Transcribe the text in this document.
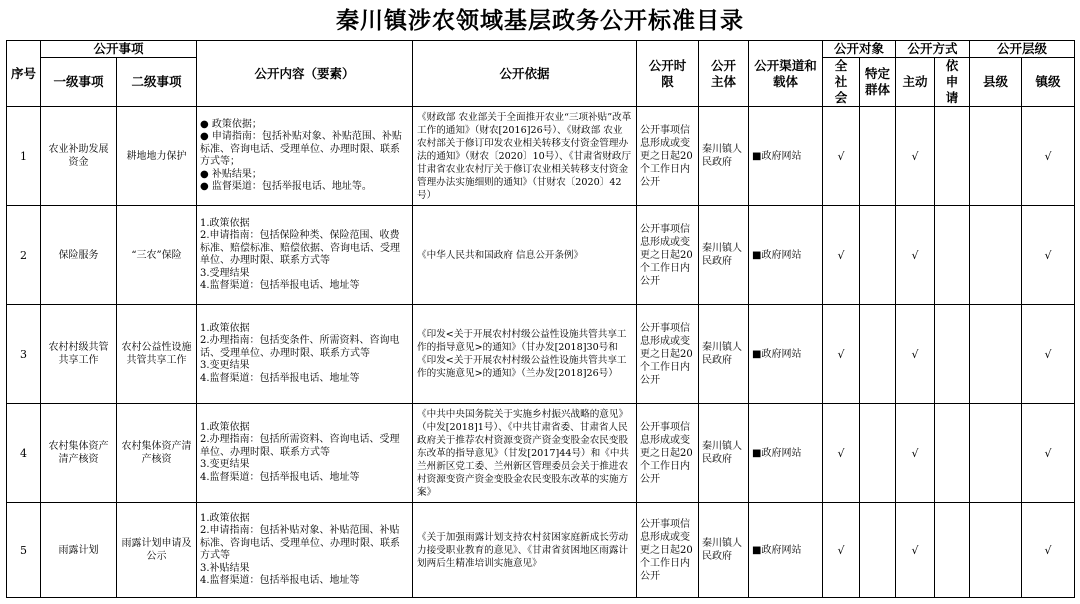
秦川镇涉农领域基层政务公开标准目录
序号	公开事项		公开内容（要素）	公开依据	公开时限	公开主体	公开渠道和载体	公开对象		公开方式		公开层级	
	一级事项	二级事项						全社会	特定群体	主动	依申请	县级	镇级
1	农业补助发展资金	耕地地力保护	● 政策依据；
● 申请指南：包括补贴对象、补贴范围、补贴标准、咨询电话、受理单位、办理时限、联系方式等；
● 补贴结果；
● 监督渠道：包括举报电话、地址等。	《财政部 农业部关于全面推开农业“三项补贴”改革工作的通知》（财农[2016]26号）、《财政部 农业农村部关于修订印发农业相关转移支付资金管理办法的通知》（财农〔2020〕10号）、《甘肃省财政厅 甘肃省农业农村厅关于修订农业相关转移支付资金管理办法实施细则的通知》（甘财农〔2020〕42号）	公开事项信息形成或变更之日起20个工作日内公开	秦川镇人民政府	■政府网站	√		√			√
2	保险服务	“三农”保险	1.政策依据
2.申请指南：包括保险种类、保险范围、收费标准、赔偿标准、赔偿依据、咨询电话、受理单位、办理时限、联系方式等
3.受理结果
4.监督渠道：包括举报电话、地址等	《中华人民共和国政府 信息公开条例》	公开事项信息形成或变更之日起20个工作日内公开	秦川镇人民政府	■政府网站	√		√			√
3	农村村级共管共享工作	农村公益性设施共管共享工作	1.政策依据
2.办理指南：包括变条件、所需资料、咨询电话、受理单位、办理时限、联系方式等
3.变更结果
4.监督渠道：包括举报电话、地址等	《印发<关于开展农村村级公益性设施共管共享工作的指导意见>的通知》（甘办发[2018]30号和《印发<关于开展农村村级公益性设施共管共享工作的实施意见>的通知》（兰办发[2018]26号）	公开事项信息形成或变更之日起20个工作日内公开	秦川镇人民政府	■政府网站	√		√			√
4	农村集体资产清产核资	农村集体资产清产核资	1.政策依据
2.办理指南：包括所需资料、咨询电话、受理单位、办理时限、联系方式等
3.变更结果
4.监督渠道：包括举报电话、地址等	《中共中央国务院关于实施乡村振兴战略的意见》（中发[2018]1号）、《中共甘肃省委、甘肃省人民政府关于推荐农村资源变资产资金变股金农民变股东改革的指导意见》（甘发[2017]44号）和《中共兰州新区党工委、兰州新区管理委员会关于推进农村资源变资产资金变股金农民变股东改革的实施方案》	公开事项信息形成或变更之日起20个工作日内公开	秦川镇人民政府	■政府网站	√		√			√
5	雨露计划	雨露计划申请及公示	1.政策依据
2.申请指南：包括补贴对象、补贴范围、补贴标准、咨询电话、受理单位、办理时限、联系方式等
3.补贴结果
4.监督渠道：包括举报电话、地址等	《关于加强雨露计划支持农村贫困家庭新成长劳动力接受职业教育的意见》、《甘肃省贫困地区雨露计划两后生精准培训实施意见》	公开事项信息形成或变更之日起20个工作日内公开	秦川镇人民政府	■政府网站	√		√			√
